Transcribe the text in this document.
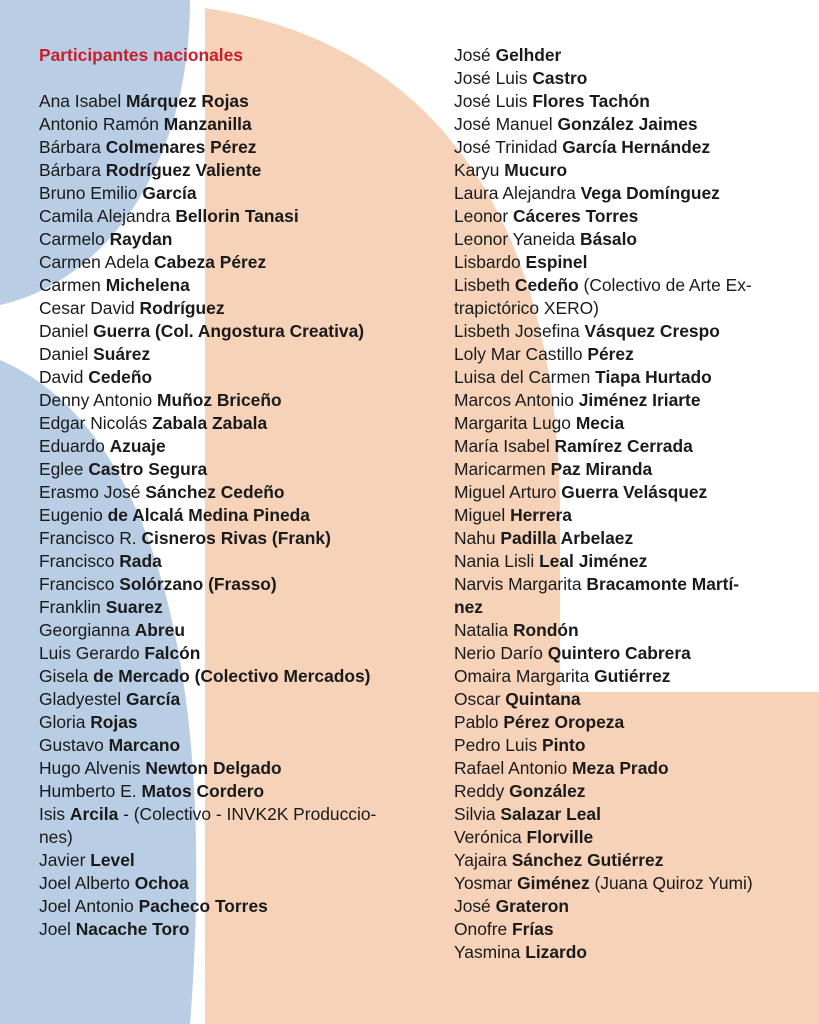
Participantes nacionales
Ana Isabel Márquez Rojas
Antonio Ramón Manzanilla
Bárbara Colmenares Pérez
Bárbara Rodríguez Valiente
Bruno Emilio García
Camila Alejandra Bellorin Tanasi
Carmelo Raydan
Carmen Adela Cabeza Pérez
Carmen Michelena
Cesar David Rodríguez
Daniel Guerra (Col. Angostura Creativa)
Daniel Suárez
David Cedeño
Denny Antonio Muñoz Briceño
Edgar Nicolás Zabala Zabala
Eduardo Azuaje
Eglee Castro Segura
Erasmo José Sánchez Cedeño
Eugenio de Alcalá Medina Pineda
Francisco R. Cisneros Rivas (Frank)
Francisco Rada
Francisco Solórzano (Frasso)
Franklin Suarez
Georgianna Abreu
Luis Gerardo Falcón
Gisela de Mercado (Colectivo Mercados)
Gladyestel García
Gloria Rojas
Gustavo Marcano
Hugo Alvenis Newton Delgado
Humberto E. Matos Cordero
Isis Arcila - (Colectivo - INVK2K Produccio-
nes)
Javier Level
Joel Alberto Ochoa
Joel Antonio Pacheco Torres
Joel Nacache Toro
José Gelhder
José Luis Castro
José Luis Flores Tachón
José Manuel González Jaimes
José Trinidad García Hernández
Karyu Mucuro
Laura Alejandra Vega Domínguez
Leonor Cáceres Torres
Leonor Yaneida Básalo
Lisbardo Espinel
Lisbeth Cedeño (Colectivo de Arte Ex-
trapictórico XERO)
Lisbeth Josefina Vásquez Crespo
Loly Mar Castillo Pérez
Luisa del Carmen Tiapa Hurtado
Marcos Antonio Jiménez Iriarte
Margarita Lugo Mecia
María Isabel Ramírez Cerrada
Maricarmen Paz Miranda
Miguel Arturo Guerra Velásquez
Miguel Herrera
Nahu Padilla Arbelaez
Nania Lisli Leal Jiménez
Narvis Margarita Bracamonte Martí-
nez
Natalia Rondón
Nerio Darío Quintero Cabrera
Omaira Margarita Gutiérrez
Oscar Quintana
Pablo Pérez Oropeza
Pedro Luis Pinto
Rafael Antonio Meza Prado
Reddy González
Silvia Salazar Leal
Verónica Florville
Yajaira Sánchez Gutiérrez
Yosmar Giménez (Juana Quiroz Yumi)
José Grateron
Onofre Frías
Yasmina Lizardo
